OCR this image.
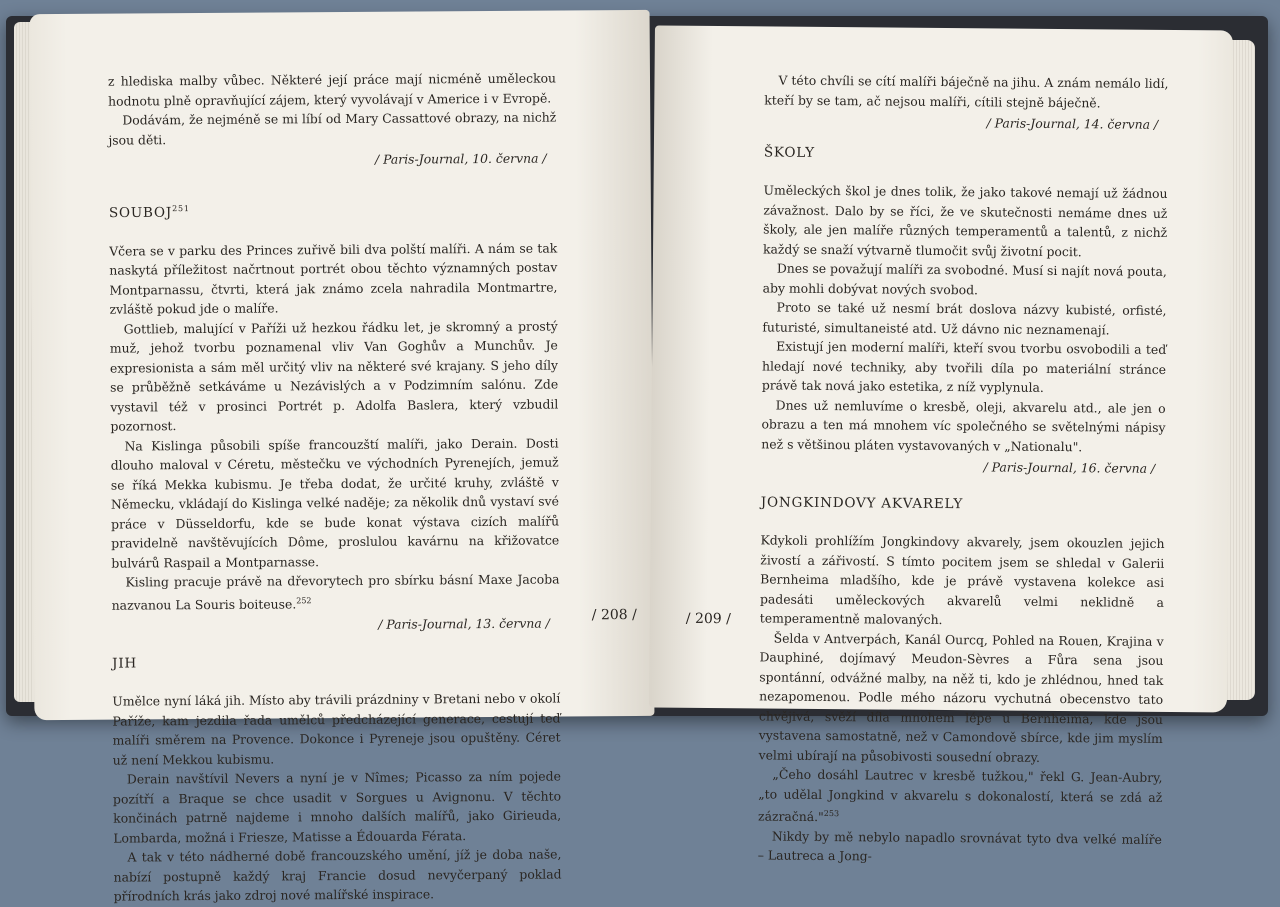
z hlediska malby vůbec. Některé její práce mají nicméně uměleckou hodnotu plně opravňující zájem, který vyvolávají v Americe i v Evropě.

Dodávám, že nejméně se mi líbí od Mary Cassattové obrazy, na nichž jsou děti.

/ Paris-Journal, 10. června /

SOUBOJ$^{251}$

Včera se v parku des Princes zuřivě bili dva polští malíři. A nám se tak naskytá příležitost načrtnout portrét obou těchto významných postav Montparnassu, čtvrti, která jak známo zcela nahradila Montmartre, zvláště pokud jde o malíře.

Gottlieb, malující v Paříži už hezkou řádku let, je skromný a prostý muž, jehož tvorbu poznamenal vliv Van Goghův a Munchův. Je expresionista a sám měl určitý vliv na některé své krajany. S jeho díly se průběžně setkáváme u Nezávislých a v Podzimním salónu. Zde vystavil též v prosinci Portrét p. Adolfa Baslera, který vzbudil pozornost.

Na Kislinga působili spíše francouzští malíři, jako Derain. Dosti dlouho maloval v Céretu, městečku ve východních Pyrenejích, jemuž se říká Mekka kubismu. Je třeba dodat, že určité kruhy, zvláště v Německu, vkládají do Kislinga velké naděje; za několik dnů vystaví své práce v Düsseldorfu, kde se bude konat výstava cizích malířů pravidelně navštěvujících Dôme, proslulou kavárnu na křižovatce bulvárů Raspail a Montparnasse.

Kisling pracuje právě na dřevorytech pro sbírku básní Maxe Jacoba nazvanou La Souris boiteuse.$^{252}$

/ Paris-Journal, 13. června /

JIH

Umělce nyní láká jih. Místo aby trávili prázdniny v Bretani nebo v okolí Paříže, kam jezdila řada umělců předcházející generace, cestují teď malíři směrem na Provence. Dokonce i Pyreneje jsou opuštěny. Céret už není Mekkou kubismu.

Derain navštívil Nevers a nyní je v Nîmes; Picasso za ním pojede pozítří a Braque se chce usadit v Sorgues u Avignonu. V těchto končinách patrně najdeme i mnoho dalších malířů, jako Girieuda, Lombarda, možná i Friesze, Matisse a Édouarda Férata.

A tak v této nádherné době francouzského umění, jíž je doba naše, nabízí postupně každý kraj Francie dosud nevyčerpaný poklad přírodních krás jako zdroj nové malířské inspirace.

/ 208 /

V této chvíli se cítí malíři báječně na jihu. A znám nemálo lidí, kteří by se tam, ač nejsou malíři, cítili stejně báječně.

/ Paris-Journal, 14. června /

ŠKOLY

Uměleckých škol je dnes tolik, že jako takové nemají už žádnou závažnost. Dalo by se říci, že ve skutečnosti nemáme dnes už školy, ale jen malíře různých temperamentů a talentů, z nichž každý se snaží výtvarně tlumočit svůj životní pocit.

Dnes se považují malíři za svobodné. Musí si najít nová pouta, aby mohli dobývat nových svobod.

Proto se také už nesmí brát doslova názvy kubisté, orfisté, futuristé, simultaneisté atd. Už dávno nic neznamenají.

Existují jen moderní malíři, kteří svou tvorbu osvobodili a teď hledají nové techniky, aby tvořili díla po materiální stránce právě tak nová jako estetika, z níž vyplynula.

Dnes už nemluvíme o kresbě, oleji, akvarelu atd., ale jen o obrazu a ten má mnohem víc společného se světelnými nápisy než s většinou pláten vystavovaných v „Nationalu".

/ Paris-Journal, 16. června /

JONGKINDOVY AKVARELY

Kdykoli prohlížím Jongkindovy akvarely, jsem okouzlen jejich živostí a zářivostí. S tímto pocitem jsem se shledal v Galerii Bernheima mladšího, kde je právě vystavena kolekce asi padesáti uměleckových akvarelů velmi neklidně a temperamentně malovaných.

Šelda v Antverpách, Kanál Ourcq, Pohled na Rouen, Krajina v Dauphiné, dojímavý Meudon-Sèvres a Fůra sena jsou spontánní, odvážné malby, na něž ti, kdo je zhlédnou, hned tak nezapomenou. Podle mého názoru vychutná obecenstvo tato chvějivá, svěží díla mnohem lépe u Bernheima, kde jsou vystavena samostatně, než v Camondově sbírce, kde jim myslím velmi ubírají na působivosti sousední obrazy.

„Čeho dosáhl Lautrec v kresbě tužkou," řekl G. Jean-Aubry, „to udělal Jongkind v akvarelu s dokonalostí, která se zdá až zázračná."$^{253}$

Nikdy by mě nebylo napadlo srovnávat tyto dva velké malíře – Lautreca a Jong-

/ 209 /
